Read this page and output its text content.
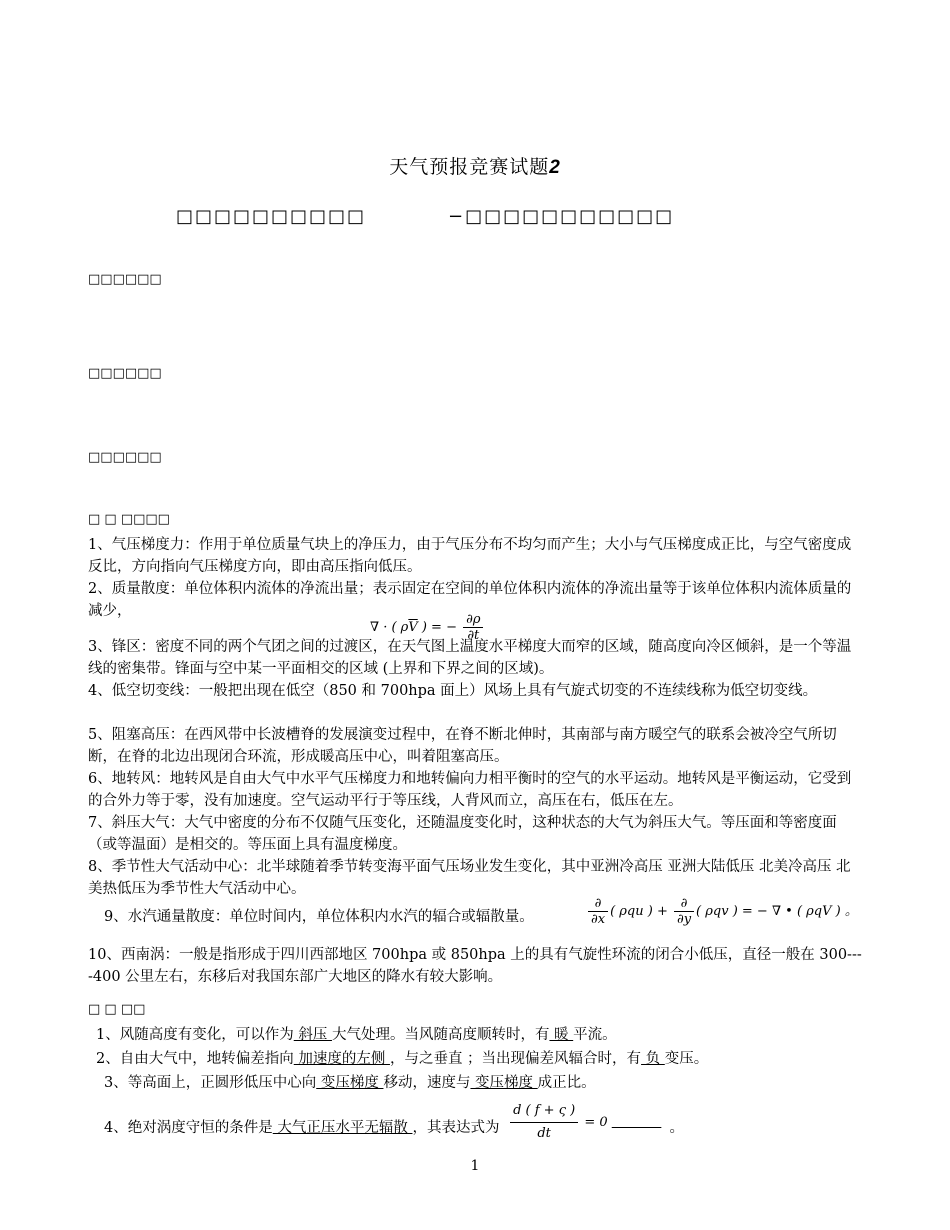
天气预报竞赛试题2
□□□□□□□□□□	−□□□□□□□□□□□
□□□□□□
□□□□□□
□□□□□□
□ □ □□□□
1、气压梯度力：作用于单位质量气块上的净压力，由于气压分布不均匀而产生；大小与气压梯度成正比，与空气密度成反比，方向指向气压梯度方向，即由高压指向低压。
2、质量散度：单位体积内流体的净流出量；表示固定在空间的单位体积内流体的净流出量等于该单位体积内流体质量的减少，
∇ · ( $\rho\overline{V}$ ) = − $\frac{\partial\rho}{\partial t}$
3、锋区：密度不同的两个气团之间的过渡区，在天气图上温度水平梯度大而窄的区域，随高度向冷区倾斜，是一个等温线的密集带。锋面与空中某一平面相交的区域 (上界和下界之间的区域)。
4、低空切变线：一般把出现在低空（850 和 700hpa 面上）风场上具有气旋式切变的不连续线称为低空切变线。
5、阻塞高压：在西风带中长波槽脊的发展演变过程中，在脊不断北伸时，其南部与南方暖空气的联系会被冷空气所切断，在脊的北边出现闭合环流，形成暖高压中心，叫着阻塞高压。
6、地转风：地转风是自由大气中水平气压梯度力和地转偏向力相平衡时的空气的水平运动。地转风是平衡运动，它受到的合外力等于零，没有加速度。空气运动平行于等压线，人背风而立，高压在右，低压在左。
7、斜压大气：大气中密度的分布不仅随气压变化，还随温度变化时，这种状态的大气为斜压大气。等压面和等密度面（或等温面）是相交的。等压面上具有温度梯度。
8、季节性大气活动中心：北半球随着季节转变海平面气压场业发生变化，其中亚洲冷高压 亚洲大陆低压 北美冷高压 北美热低压为季节性大气活动中心。
9、水汽通量散度：单位时间内，单位体积内水汽的辐合或辐散量。	$\frac{\partial}{\partial x}$ ( ρqu ) + $\frac{\partial}{\partial y}$ ( ρqv ) = − ∇ • ( ρqV ) 。
10、西南涡：一般是指形成于四川西部地区 700hpa 或 850hpa 上的具有气旋性环流的闭合小低压，直径一般在 300----400 公里左右，东移后对我国东部广大地区的降水有较大影响。
□ □ □□
1、风随高度有变化，可以作为 斜压 大气处理。当风随高度顺转时，有 暖 平流。
2、自由大气中，地转偏差指向 加速度的左侧 ，与之垂直 ；当出现偏差风辐合时，有 负 变压。
3、等高面上，正圆形低压中心向 变压梯度 移动，速度与 变压梯度 成正比。
4、绝对涡度守恒的条件是 大气正压水平无辐散 ，其表达式为 $\frac{d ( f + \varsigma )}{dt} = 0$	。
1
